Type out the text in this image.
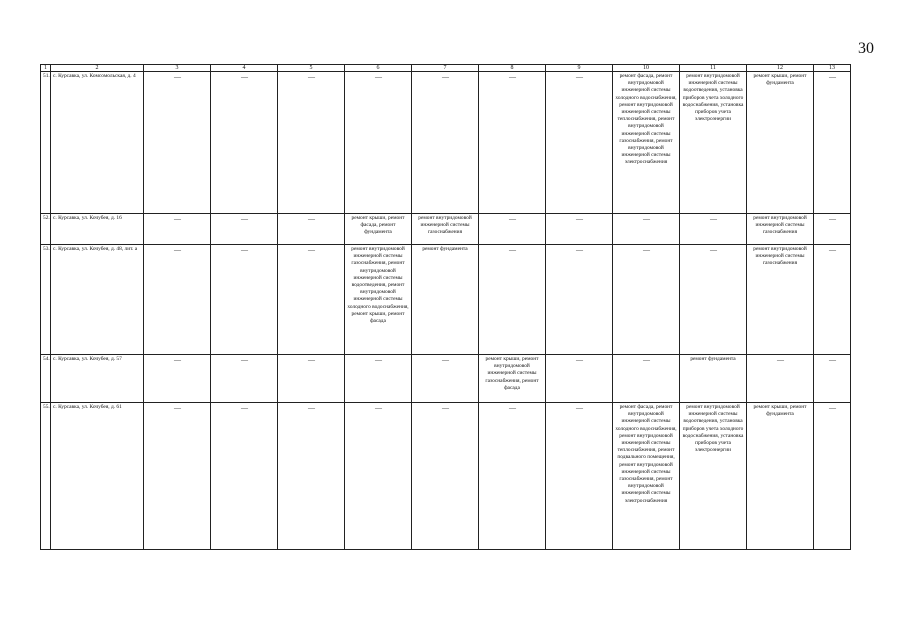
30
1	2	3	4	5	6	7	8	9	10	11	12	13
51.	с. Курсавка, ул. Комсомольская, д. 4	—	—	—	—	—	—	—	ремонт фасада, ремонт внутридомовой инженерной системы холодного водоснабжения, ремонт внутридомовой инженерной системы теплоснабжения, ремонт внутридомовой инженерной системы газоснабжения, ремонт внутридомовой инженерной системы электроснабжения	ремонт внутридомовой инженерной системы водоотведения, установка приборов учета холодного водоснабжения, установка приборов учета электроэнергии	ремонт крыши, ремонт фундамента	—
52.	с. Курсавка, ул. Кочубея, д. 16	—	—	—	ремонт крыши, ремонт фасада, ремонт фундамента	ремонт внутридомовой инженерной системы газоснабжения	—	—	—	—	ремонт внутридомовой инженерной системы газоснабжения	—
53.	с. Курсавка, ул. Кочубея, д. 48, лит. а	—	—	—	ремонт внутридомовой инженерной системы газоснабжения, ремонт внутридомовой инженерной системы водоотведения, ремонт внутридомовой инженерной системы холодного водоснабжения, ремонт крыши, ремонт фасада	ремонт фундамента	—	—	—	—	ремонт внутридомовой инженерной системы газоснабжения	—
54.	с. Курсавка, ул. Кочубея, д. 57	—	—	—	—	—	ремонт крыши, ремонт внутридомовой инженерной системы газоснабжения, ремонт фасада	—	—	ремонт фундамента	—	—
55.	с. Курсавка, ул. Кочубея, д. 61	—	—	—	—	—	—	—	ремонт фасада, ремонт внутридомовой инженерной системы холодного водоснабжения, ремонт внутридомовой инженерной системы теплоснабжения, ремонт подвального помещения, ремонт внутридомовой инженерной системы газоснабжения, ремонт внутридомовой инженерной системы электроснабжения	ремонт внутридомовой инженерной системы водоотведения, установка приборов учета холодного водоснабжения, установка приборов учета электроэнергии	ремонт крыши, ремонт фундамента	—
